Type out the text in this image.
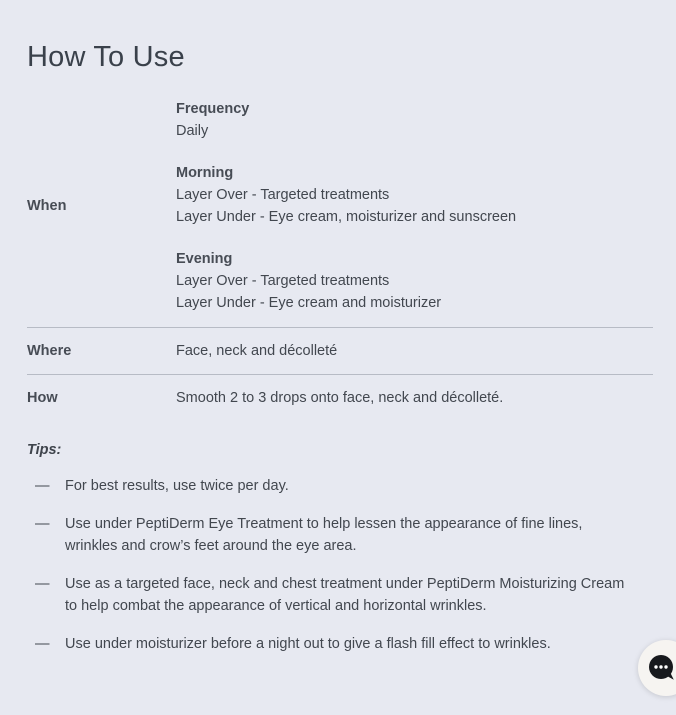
How To Use
When
Frequency
Daily
Morning
Layer Over - Targeted treatments
Layer Under - Eye cream, moisturizer and sunscreen
Evening
Layer Over - Targeted treatments
Layer Under - Eye cream and moisturizer
Where	Face, neck and décolleté
How	Smooth 2 to 3 drops onto face, neck and décolleté.
Tips:
— For best results, use twice per day.
— Use under PeptiDerm Eye Treatment to help lessen the appearance of fine lines, wrinkles and crow’s feet around the eye area.
— Use as a targeted face, neck and chest treatment under PeptiDerm Moisturizing Cream to help combat the appearance of vertical and horizontal wrinkles.
— Use under moisturizer before a night out to give a flash fill effect to wrinkles.
